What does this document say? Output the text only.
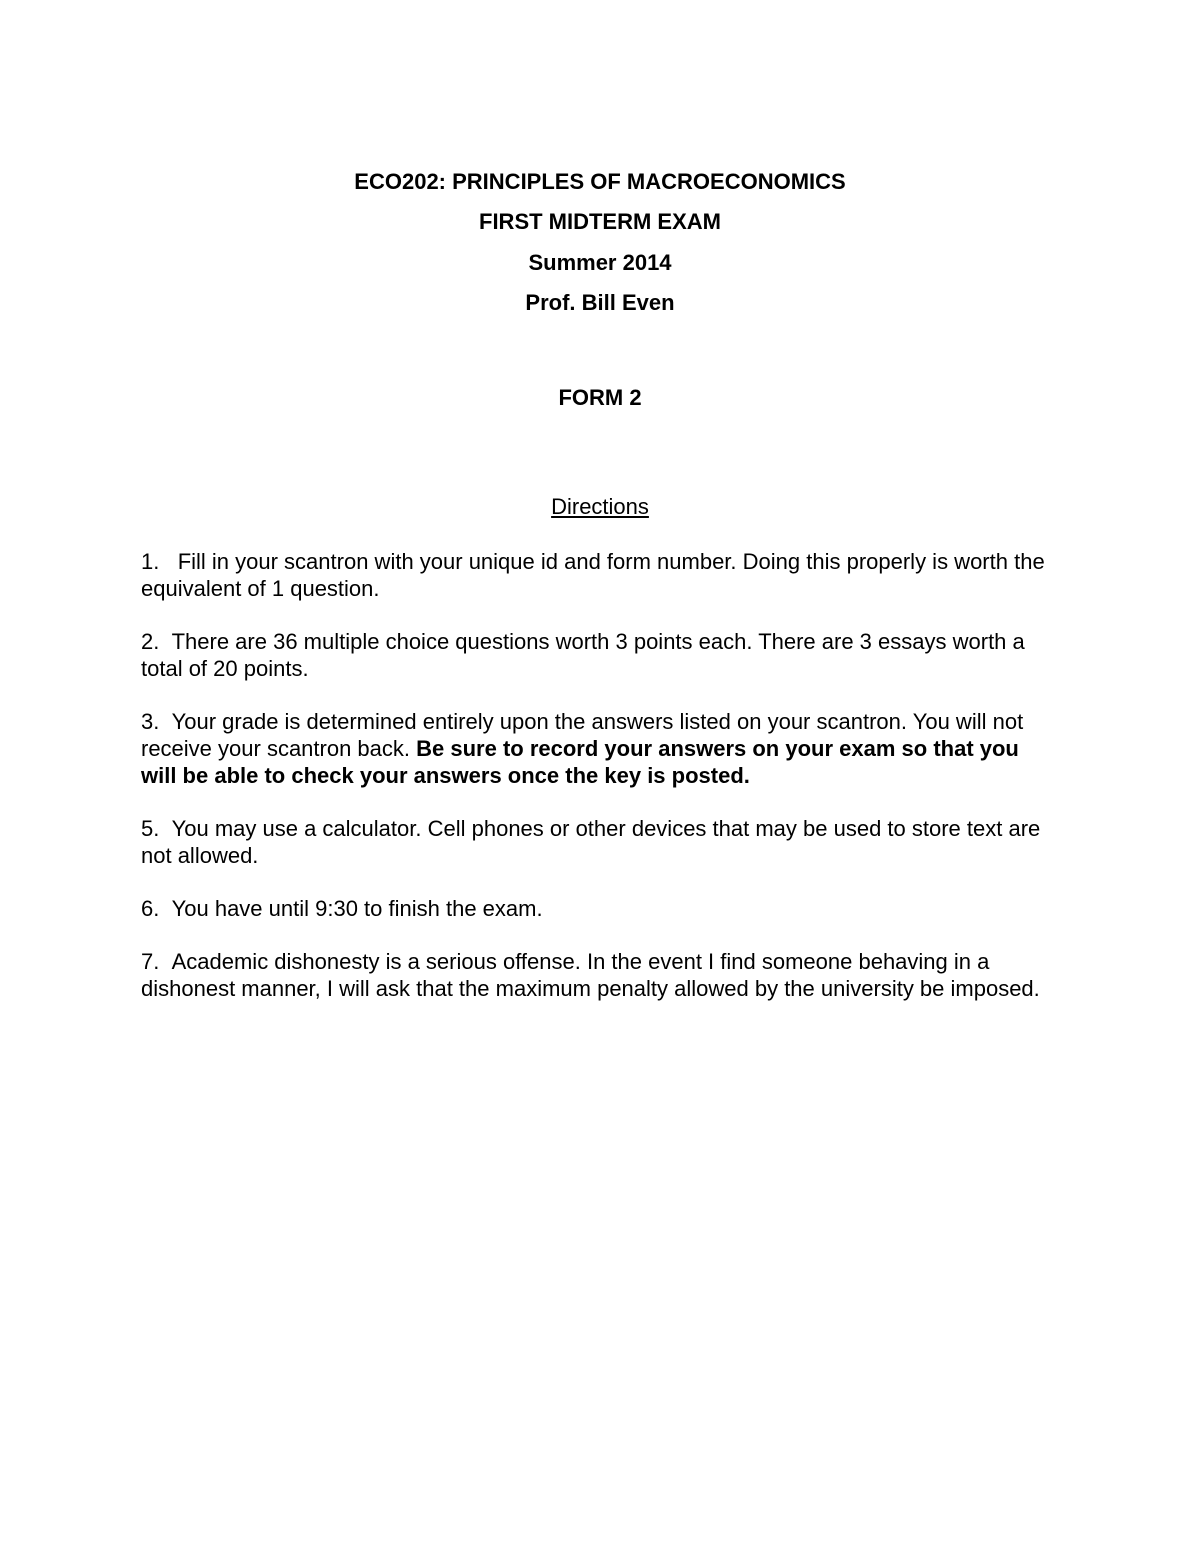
ECO202: PRINCIPLES OF MACROECONOMICS
FIRST MIDTERM EXAM
Summer 2014
Prof. Bill Even
FORM 2
Directions
1. Fill in your scantron with your unique id and form number. Doing this properly is worth the equivalent of 1 question.
2. There are 36 multiple choice questions worth 3 points each. There are 3 essays worth a total of 20 points.
3. Your grade is determined entirely upon the answers listed on your scantron. You will not receive your scantron back. Be sure to record your answers on your exam so that you will be able to check your answers once the key is posted.
5. You may use a calculator. Cell phones or other devices that may be used to store text are not allowed.
6. You have until 9:30 to finish the exam.
7. Academic dishonesty is a serious offense. In the event I find someone behaving in a dishonest manner, I will ask that the maximum penalty allowed by the university be imposed.
